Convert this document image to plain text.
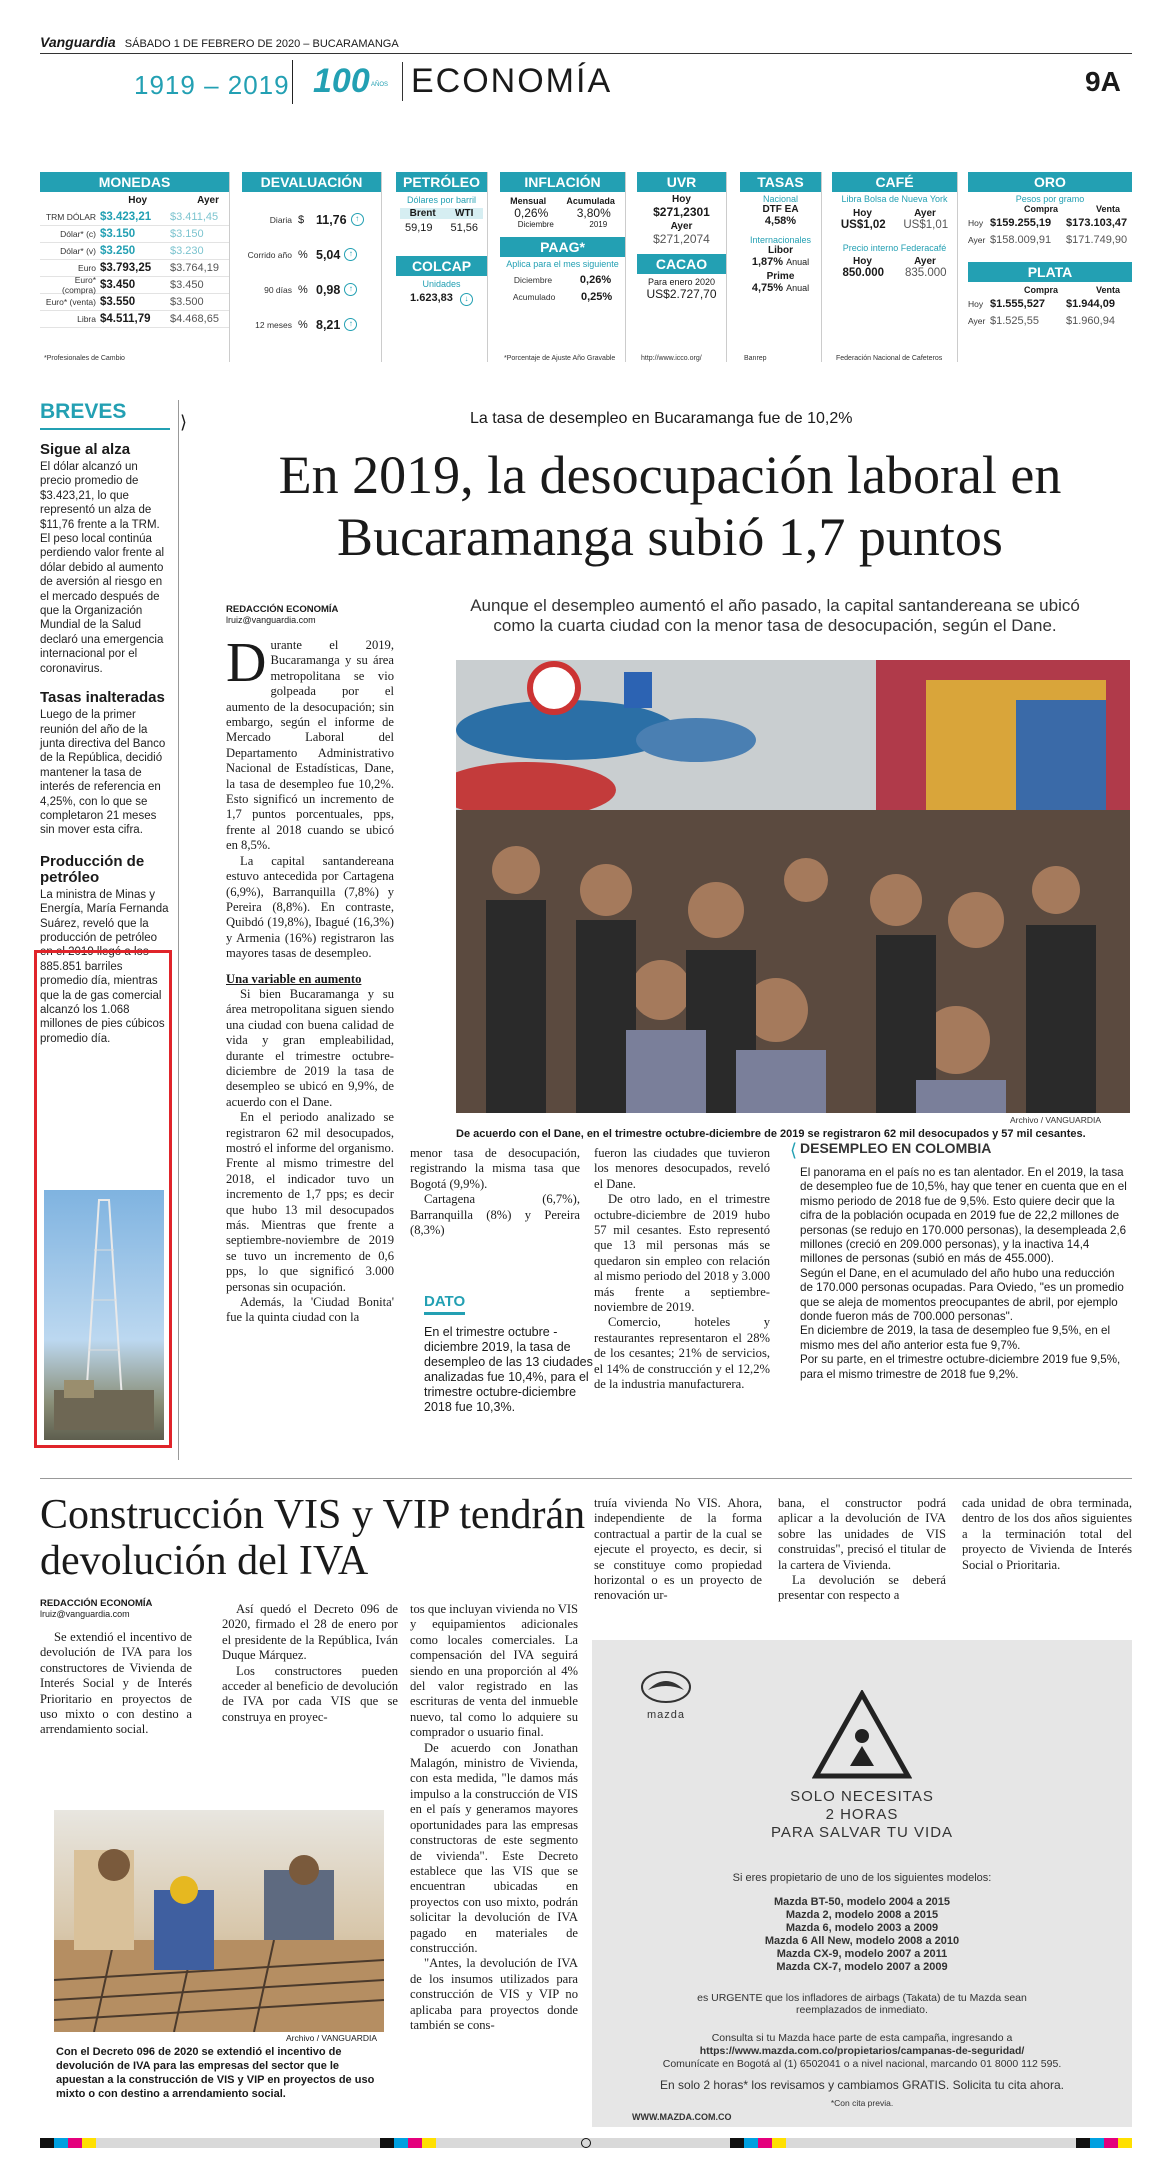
Vanguardia SÁBADO 1 DE FEBRERO DE 2020 – BUCARAMANGA
1919 – 2019 100 AÑOS ECONOMÍA	9A
MONEDAS
Hoy	Ayer
TRM DÓLAR $3.423,21	$3.411,45
Dólar* (c) $3.150	$3.150
Dólar* (v) $3.250	$3.230
Euro $3.793,25	$3.764,19
Euro* (compra) $3.450	$3.450
Euro* (venta) $3.550	$3.500
Libra $4.511,79	$4.468,65
*Profesionales de Cambio
DEVALUACIÓN
Diaria $ 11,76	↑
Corrido año % 5,04	↑
90 días % 0,98	↑
12 meses % 8,21	↑
PETRÓLEO
Dólares por barril
Brent WTI
59,19 51,56
COLCAP
Unidades
1.623,83 ↓
INFLACIÓN
Mensual Acumulada
0,26% 3,80%
Diciembre	2019
PAAG*
Aplica para el mes siguiente
Diciembre	0,26%
Acumulado 0,25%
*Porcentaje de Ajuste Año Gravable
UVR
Hoy
$271,2301
Ayer
$271,2074
CACAO
Para enero 2020
US$2.727,70
http://www.icco.org/
TASAS
Nacional
DTF EA
4,58%
Internacionales
Libor
1,87% Anual
Prime
4,75% Anual
Banrep
CAFÉ
Libra Bolsa de Nueva York
Hoy	Ayer
US$1,02 US$1,01
Precio interno Federacafé
Hoy	Ayer
850.000 835.000
Federación Nacional de Cafeteros
ORO
Pesos por gramo
Compra	Venta
Hoy $159.255,19	$173.103,47
Ayer $158.009,91	$171.749,90
PLATA
Compra	Venta
Hoy $1.555,527	$1.944,09
Ayer $1.525,55	$1.960,94
BREVES
Sigue al alza
El dólar alcanzó un precio promedio de $3.423,21, lo que representó un alza de $11,76 frente a la TRM. El peso local continúa perdiendo valor frente al dólar debido al aumento de aversión al riesgo en el mercado después de que la Organización Mundial de la Salud declaró una emergencia internacional por el coronavirus.
Tasas inalteradas
Luego de la primer reunión del año de la junta directiva del Banco de la República, decidió mantener la tasa de interés de referencia en 4,25%, con lo que se completaron 21 meses sin mover esta cifra.
Producción de petróleo
La ministra de Minas y Energía, María Fernanda Suárez, reveló que la producción de petróleo en el 2019 llegó a los 885.851 barriles promedio día, mientras que la de gas comercial alcanzó los 1.068 millones de pies cúbicos promedio día.
⟩	La tasa de desempleo en Bucaramanga fue de 10,2%
En 2019, la desocupación laboral en Bucaramanga subió 1,7 puntos
REDACCIÓN ECONOMÍA
lruiz@vanguardia.com
Aunque el desempleo aumentó el año pasado, la capital santandereana se ubicó como la cuarta ciudad con la menor tasa de desocupación, según el Dane.
Archivo / VANGUARDIA
De acuerdo con el Dane, en el trimestre octubre-diciembre de 2019 se registraron 62 mil desocupados y 57 mil cesantes.

Durante el 2019, Bucaramanga y su área metropolitana se vio golpeada por el aumento de la desocupación; sin embargo, según el informe de Mercado Laboral del Departamento Administrativo Nacional de Estadísticas, Dane, la tasa de desempleo fue 10,2%. Esto significó un incremento de 1,7 puntos porcentuales, pps, frente al 2018 cuando se ubicó en 8,5%.

La capital santandereana estuvo antecedida por Cartagena (6,9%), Barranquilla (7,8%) y Pereira (8,8%). En contraste, Quibdó (19,8%), Ibagué (16,3%) y Armenia (16%) registraron las mayores tasas de desempleo.

Una variable en aumento

Si bien Bucaramanga y su área metropolitana siguen siendo una ciudad con buena calidad de vida y gran empleabilidad, durante el trimestre octubre-diciembre de 2019 la tasa de desempleo se ubicó en 9,9%, de acuerdo con el Dane.

En el periodo analizado se registraron 62 mil desocupados, mostró el informe del organismo. Frente al mismo trimestre del 2018, el indicador tuvo un incremento de 1,7 pps; es decir que hubo 13 mil desocupados más. Mientras que frente a septiembre-noviembre de 2019 se tuvo un incremento de 0,6 pps, lo que significó 3.000 personas sin ocupación.

Además, la 'Ciudad Bonita' fue la quinta ciudad con la

menor tasa de desocupación, registrando la misma tasa que Bogotá (9,9%).

Cartagena (6,7%), Barranquilla (8%) y Pereira (8,3%)

DATO
En el trimestre octubre - diciembre 2019, la tasa de desempleo de las 13 ciudades analizadas fue 10,4%, para el trimestre octubre-diciembre 2018 fue 10,3%.

fueron las ciudades que tuvieron los menores desocupados, reveló el Dane.

De otro lado, en el trimestre octubre-diciembre de 2019 hubo 57 mil cesantes. Esto representó que 13 mil personas más se quedaron sin empleo con relación al mismo periodo del 2018 y 3.000 más frente a septiembre-noviembre de 2019.

Comercio, hoteles y restaurantes representaron el 28% de los cesantes; 21% de servicios, el 14% de construcción y el 12,2% de la industria manufacturera.

⟨ DESEMPLEO EN COLOMBIA
El panorama en el país no es tan alentador. En el 2019, la tasa de desempleo fue de 10,5%, hay que tener en cuenta que en el mismo periodo de 2018 fue de 9,5%. Esto quiere decir que la cifra de la población ocupada en 2019 fue de 22,2 millones de personas (se redujo en 170.000 personas), la desempleada 2,6 millones (creció en 209.000 personas), y la inactiva 14,4 millones de personas (subió en más de 455.000).
Según el Dane, en el acumulado del año hubo una reducción de 170.000 personas ocupadas. Para Oviedo, "es un promedio que se aleja de momentos preocupantes de abril, por ejemplo donde fueron más de 700.000 personas".
En diciembre de 2019, la tasa de desempleo fue 9,5%, en el mismo mes del año anterior esta fue 9,7%.
Por su parte, en el trimestre octubre-diciembre 2019 fue 9,5%, para el mismo trimestre de 2018 fue 9,2%.
Construcción VIS y VIP tendrán devolución del IVA
REDACCIÓN ECONOMÍA
lruiz@vanguardia.com

Se extendió el incentivo de devolución de IVA para los constructores de Vivienda de Interés Social y de Interés Prioritario en proyectos de uso mixto o con destino a arrendamiento social.

Así quedó el Decreto 096 de 2020, firmado el 28 de enero por el presidente de la República, Iván Duque Márquez.

Los constructores pueden acceder al beneficio de devolución de IVA por cada VIS que se construya en proyec-

tos que incluyan vivienda no VIS y equipamientos adicionales como locales comerciales. La compensación del IVA seguirá siendo en una proporción al 4% del valor registrado en las escrituras de venta del inmueble nuevo, tal como lo adquiere su comprador o usuario final.

De acuerdo con Jonathan Malagón, ministro de Vivienda, con esta medida, "le damos más impulso a la construcción de VIS en el país y generamos mayores oportunidades para las empresas constructoras de este segmento de vivienda". Este Decreto establece que las VIS que se encuentran ubicadas en proyectos con uso mixto, podrán solicitar la devolución de IVA pagado en materiales de construcción.

"Antes, la devolución de IVA de los insumos utilizados para construcción de VIS y VIP no aplicaba para proyectos donde también se cons-

truía vivienda No VIS. Ahora, independiente de la forma contractual a partir de la cual se ejecute el proyecto, es decir, si se constituye como propiedad horizontal o es un proyecto de renovación ur-

bana, el constructor podrá aplicar a la devolución de IVA sobre las unidades de VIS construidas", precisó el titular de la cartera de Vivienda.

La devolución se deberá presentar con respecto a

cada unidad de obra terminada, dentro de los dos años siguientes a la terminación total del proyecto de Vivienda de Interés Social o Prioritaria.

Archivo / VANGUARDIA
Con el Decreto 096 de 2020 se extendió el incentivo de devolución de IVA para las empresas del sector que le apuestan a la construcción de VIS y VIP en proyectos de uso mixto o con destino a arrendamiento social.
mazda
SOLO NECESITAS
2 HORAS
PARA SALVAR TU VIDA
Si eres propietario de uno de los siguientes modelos:
Mazda BT-50, modelo 2004 a 2015
Mazda 2, modelo 2008 a 2015
Mazda 6, modelo 2003 a 2009
Mazda 6 All New, modelo 2008 a 2010
Mazda CX-9, modelo 2007 a 2011
Mazda CX-7, modelo 2007 a 2009
es URGENTE que los infladores de airbags (Takata) de tu Mazda sean reemplazados de inmediato.
Consulta si tu Mazda hace parte de esta campaña, ingresando a
https://www.mazda.com.co/propietarios/campanas-de-seguridad/
Comunícate en Bogotá al (1) 6502041 o a nivel nacional, marcando 01 8000 112 595.
En solo 2 horas* los revisamos y cambiamos GRATIS. Solicita tu cita ahora.
*Con cita previa.
WWW.MAZDA.COM.CO
